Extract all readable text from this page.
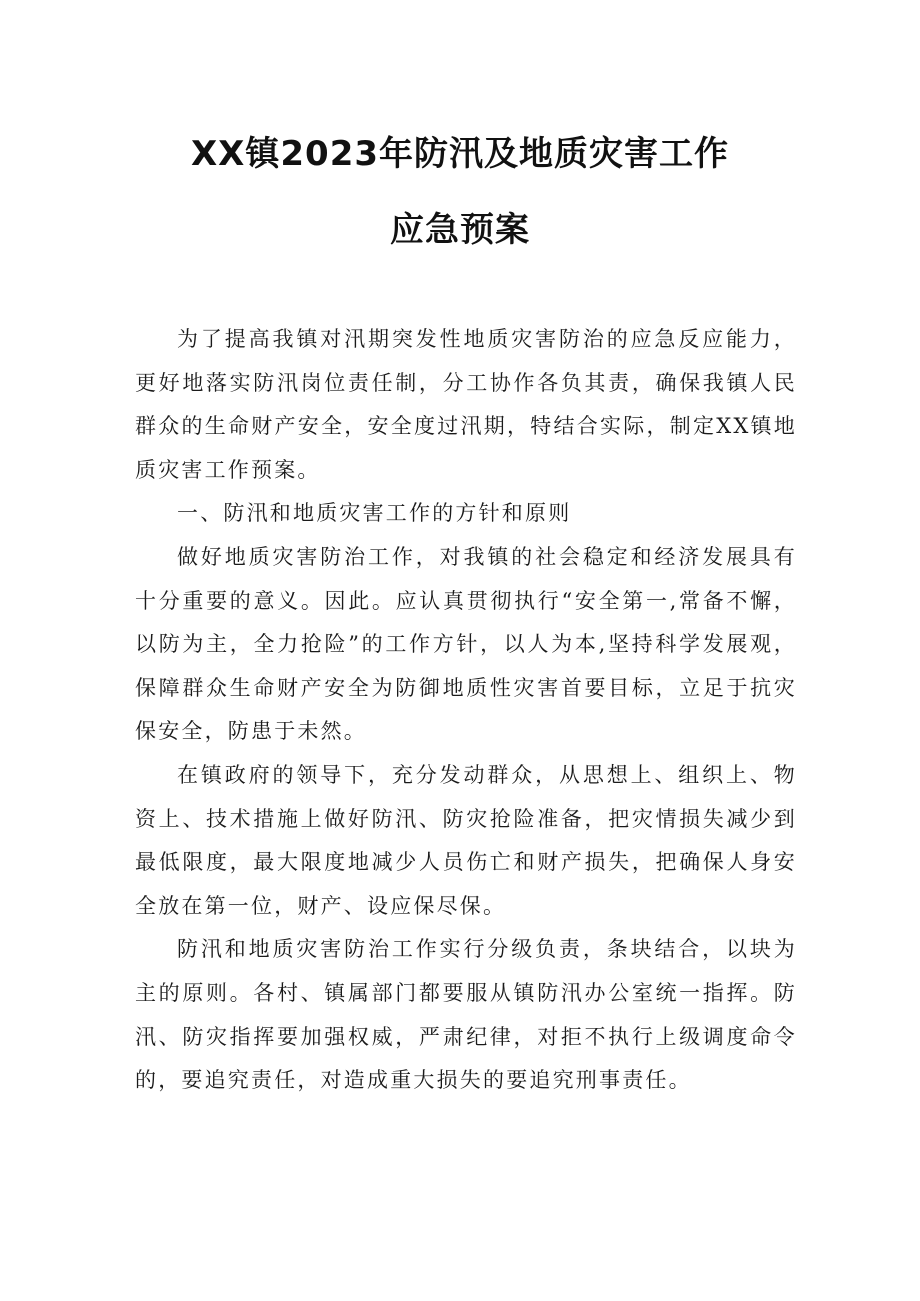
XX镇2023年防汛及地质灾害工作
应急预案

为了提高我镇对汛期突发性地质灾害防治的应急反应能力，更好地落实防汛岗位责任制，分工协作各负其责，确保我镇人民群众的生命财产安全，安全度过汛期，特结合实际，制定XX镇地质灾害工作预案。

一、防汛和地质灾害工作的方针和原则

做好地质灾害防治工作，对我镇的社会稳定和经济发展具有十分重要的意义。因此。应认真贯彻执行“安全第一,常备不懈，以防为主，全力抢险”的工作方针，以人为本,坚持科学发展观，保障群众生命财产安全为防御地质性灾害首要目标，立足于抗灾保安全，防患于未然。

在镇政府的领导下，充分发动群众，从思想上、组织上、物资上、技术措施上做好防汛、防灾抢险准备，把灾情损失减少到最低限度，最大限度地减少人员伤亡和财产损失，把确保人身安全放在第一位，财产、设应保尽保。

防汛和地质灾害防治工作实行分级负责，条块结合，以块为主的原则。各村、镇属部门都要服从镇防汛办公室统一指挥。防汛、防灾指挥要加强权威，严肃纪律，对拒不执行上级调度命令的，要追究责任，对造成重大损失的要追究刑事责任。
